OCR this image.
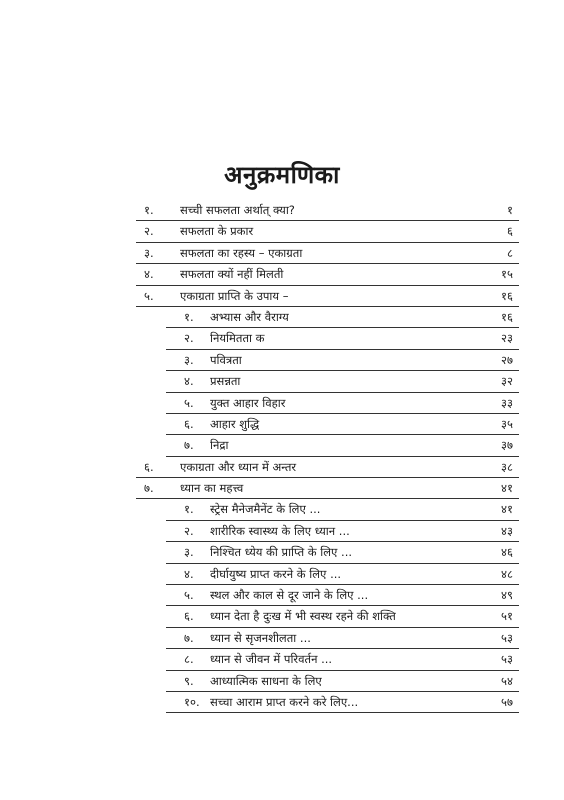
अनुक्रमणिका
१. सच्ची सफलता अर्थात् क्या?	१
२. सफलता के प्रकार	६
३. सफलता का रहस्य – एकाग्रता	८
४. सफलता क्यों नहीं मिलती	१५
५. एकाग्रता प्राप्ति के उपाय –	१६
१. अभ्यास और वैराग्य	१६
२. नियमितता क	२३
३. पवित्रता	२७
४. प्रसन्नता	३२
५. युक्त आहार विहार	३३
६. आहार शुद्धि	३५
७. निद्रा	३७
६. एकाग्रता और ध्यान में अन्तर	३८
७. ध्यान का महत्त्व	४१
१. स्ट्रेस मैनेजमैनेंट के लिए ...	४१
२. शारीरिक स्वास्थ्य के लिए ध्यान ...	४३
३. निश्चित ध्येय की प्राप्ति के लिए ...	४६
४. दीर्घायुष्य प्राप्त करने के लिए ...	४८
५. स्थल और काल से दूर जाने के लिए ...	४९
६. ध्यान देता है दुःख में भी स्वस्थ रहने की शक्ति	५१
७. ध्यान से सृजनशीलता ...	५३
८. ध्यान से जीवन में परिवर्तन ...	५३
९. आध्यात्मिक साधना के लिए	५४
१०. सच्चा आराम प्राप्त करने करे लिए...	५७
